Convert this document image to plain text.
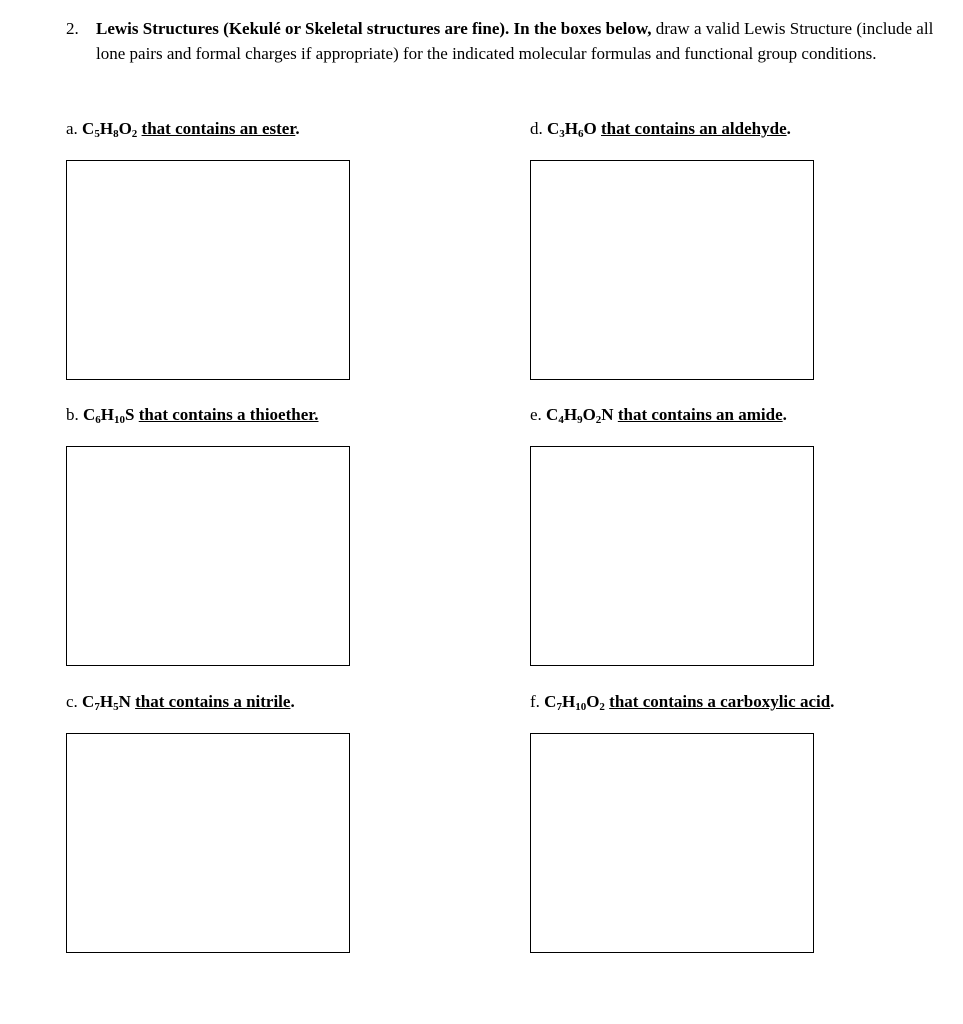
2. Lewis Structures (Kekulé or Skeletal structures are fine). In the boxes below, draw a valid Lewis Structure (include all lone pairs and formal charges if appropriate) for the indicated molecular formulas and functional group conditions.
a. $C_5H_8O_2$ that contains an ester.	d. $C_3H_6O$ that contains an aldehyde.
b. $C_6H_{10}S$ that contains a thioether.	e. $C_4H_9O_2N$ that contains an amide.
c. $C_7H_5N$ that contains a nitrile.	f. $C_7H_{10}O_2$ that contains a carboxylic acid.
